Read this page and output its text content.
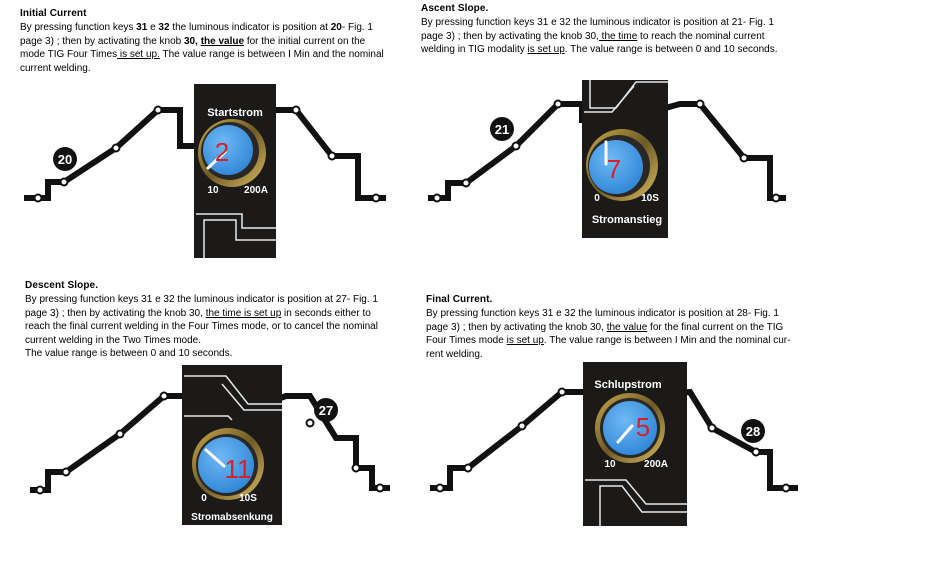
Initial Current

By pressing function keys 31 e 32 the luminous indicator is position at 20- Fig. 1 page 3) ; then by activating the knob 30, the value for the initial current on the mode TIG Four Times is set up. The value range is between I Min and the nominal current welding.

Ascent Slope.

By pressing function keys 31 e 32 the luminous indicator is position at 21- Fig. 1 page 3) ; then by activating the knob 30, the time to reach the nominal current welding in TIG modality is set up. The value range is between 0 and 10 seconds.

Descent Slope.

By pressing function keys 31 e 32 the luminous indicator is position at 27- Fig. 1 page 3) ; then by activating the knob 30, the time is set up in seconds either to reach the final current welding in the Four Times mode, or to cancel the nominal current welding in the Two Times mode.
The value range is between 0 and 10 seconds.

Final Current.

By pressing function keys 31 e 32 the luminous indicator is position at 28- Fig. 1 page 3) ; then by activating the knob 30, the value for the final current on the TIG Four Times mode is set up. The value range is between I Min and the nominal cur-rent welding.

20
Startstrom
2
10	200A
21
7
0	10S
Stromanstieg
27
11
0	10S
Stromabsenkung
28
Schlupstrom
5
10	200A
